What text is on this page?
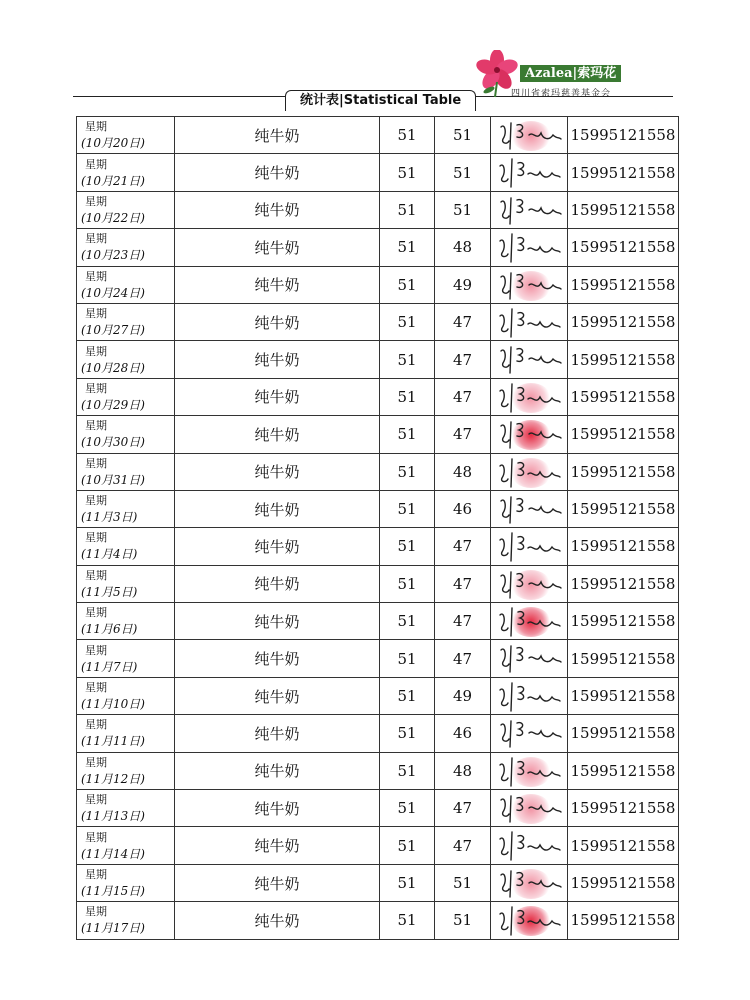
统计表|Statistical Table
Azalea|索玛花
四川省索玛慈善基金会
星期
(10月20日)	纯牛奶	51	51		15995121558

星期
(10月21日)	纯牛奶	51	51		15995121558

星期
(10月22日)	纯牛奶	51	51		15995121558

星期
(10月23日)	纯牛奶	51	48		15995121558

星期
(10月24日)	纯牛奶	51	49		15995121558

星期
(10月27日)	纯牛奶	51	47		15995121558

星期
(10月28日)	纯牛奶	51	47		15995121558

星期
(10月29日)	纯牛奶	51	47		15995121558

星期
(10月30日)	纯牛奶	51	47		15995121558

星期
(10月31日)	纯牛奶	51	48		15995121558

星期
(11月3日)	纯牛奶	51	46		15995121558

星期
(11月4日)	纯牛奶	51	47		15995121558

星期
(11月5日)	纯牛奶	51	47		15995121558

星期
(11月6日)	纯牛奶	51	47		15995121558

星期
(11月7日)	纯牛奶	51	47		15995121558

星期
(11月10日)	纯牛奶	51	49		15995121558

星期
(11月11日)	纯牛奶	51	46		15995121558

星期
(11月12日)	纯牛奶	51	48		15995121558

星期
(11月13日)	纯牛奶	51	47		15995121558

星期
(11月14日)	纯牛奶	51	47		15995121558

星期
(11月15日)	纯牛奶	51	51		15995121558

星期
(11月17日)	纯牛奶	51	51		15995121558
